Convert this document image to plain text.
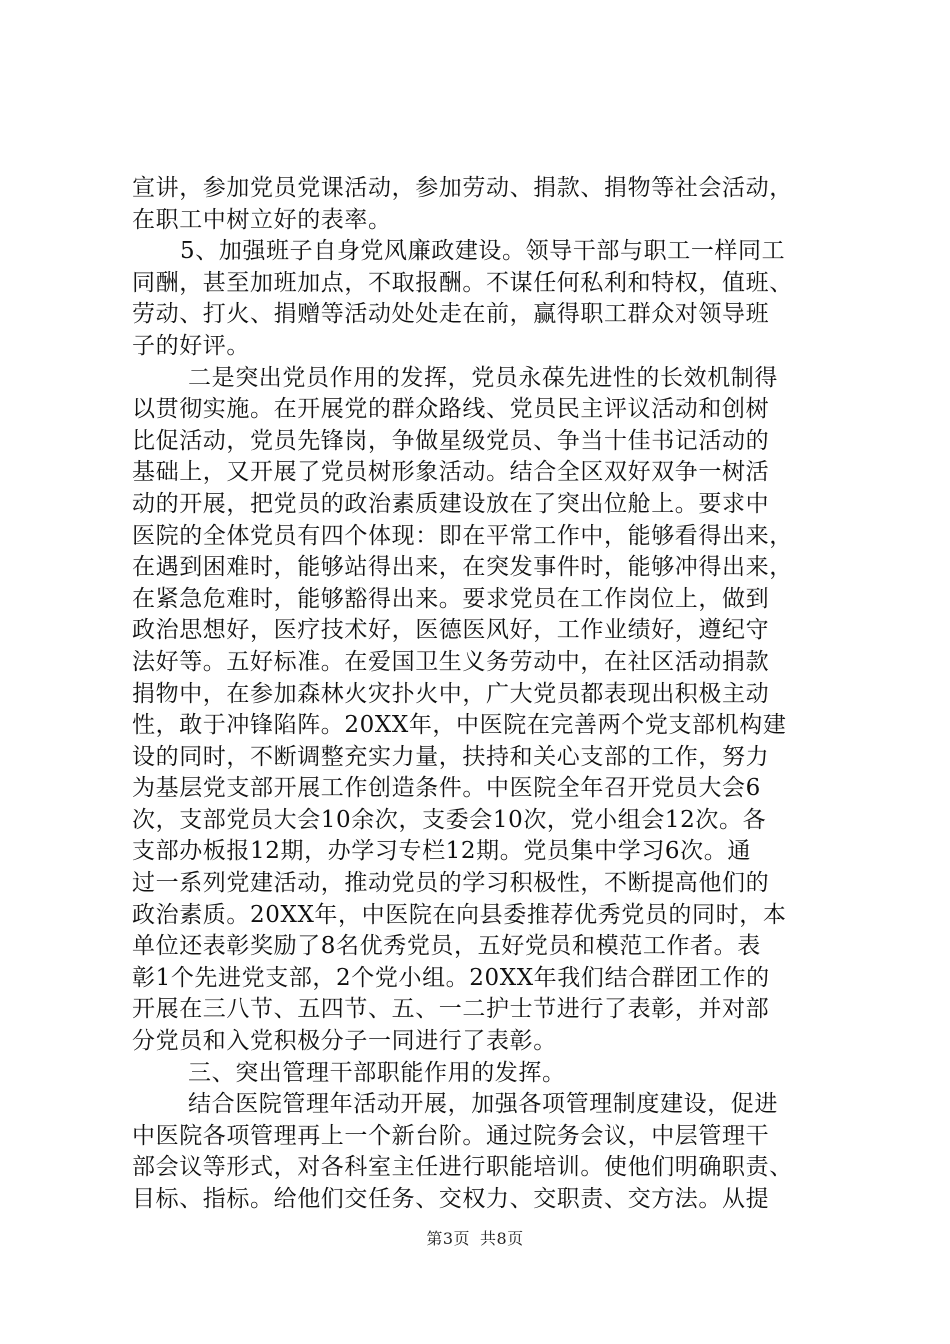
宣讲，参加党员党课活动，参加劳动、捐款、捐物等社会活动，
在职工中树立好的表率。
5、加强班子自身党风廉政建设。领导干部与职工一样同工
同酬，甚至加班加点，不取报酬。不谋任何私利和特权，值班、
劳动、打火、捐赠等活动处处走在前，赢得职工群众对领导班
子的好评。
二是突出党员作用的发挥，党员永葆先进性的长效机制得
以贯彻实施。在开展党的群众路线、党员民主评议活动和创树
比促活动，党员先锋岗，争做星级党员、争当十佳书记活动的
基础上，又开展了党员树形象活动。结合全区双好双争一树活
动的开展，把党员的政治素质建设放在了突出位舱上。要求中
医院的全体党员有四个体现：即在平常工作中，能够看得出来，
在遇到困难时，能够站得出来，在突发事件时，能够冲得出来，
在紧急危难时，能够豁得出来。要求党员在工作岗位上，做到
政治思想好，医疗技术好，医德医风好，工作业绩好，遵纪守
法好等。五好标准。在爱国卫生义务劳动中，在社区活动捐款
捐物中，在参加森林火灾扑火中，广大党员都表现出积极主动
性，敢于冲锋陷阵。20XX年，中医院在完善两个党支部机构建
设的同时，不断调整充实力量，扶持和关心支部的工作，努力
为基层党支部开展工作创造条件。中医院全年召开党员大会6
次，支部党员大会10余次，支委会10次，党小组会12次。各
支部办板报12期，办学习专栏12期。党员集中学习6次。通
过一系列党建活动，推动党员的学习积极性，不断提高他们的
政治素质。20XX年，中医院在向县委推荐优秀党员的同时，本
单位还表彰奖励了8名优秀党员，五好党员和模范工作者。表
彰1个先进党支部，2个党小组。20XX年我们结合群团工作的
开展在三八节、五四节、五、一二护士节进行了表彰，并对部
分党员和入党积极分子一同进行了表彰。
三、突出管理干部职能作用的发挥。
结合医院管理年活动开展，加强各项管理制度建设，促进
中医院各项管理再上一个新台阶。通过院务会议，中层管理干
部会议等形式，对各科室主任进行职能培训。使他们明确职责、
目标、指标。给他们交任务、交权力、交职责、交方法。从提
第3页 共8页
